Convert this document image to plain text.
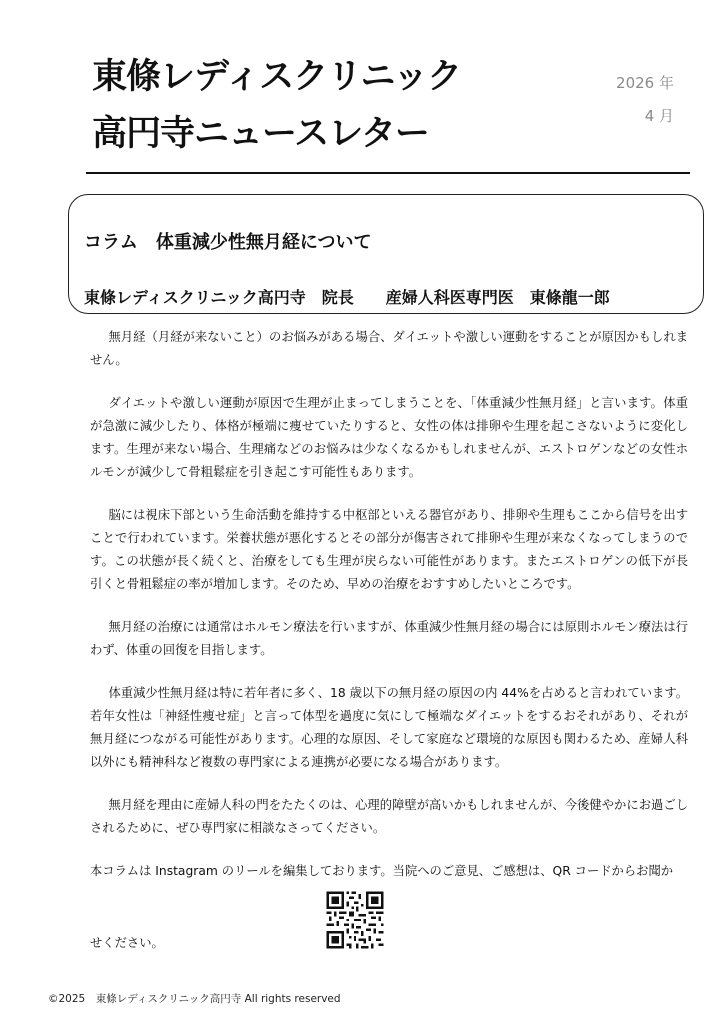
東條レディスクリニック
高円寺ニュースレター
2026 年
4 月
コラム　体重減少性無月経について
東條レディスクリニック高円寺　院長　　産婦人科医専門医　東條龍一郎

無月経（月経が来ないこと）のお悩みがある場合、ダイエットや激しい運動をすることが原因かもしれません。

ダイエットや激しい運動が原因で生理が止まってしまうことを、「体重減少性無月経」と言います。体重が急激に減少したり、体格が極端に痩せていたりすると、女性の体は排卵や生理を起こさないように変化します。生理が来ない場合、生理痛などのお悩みは少なくなるかもしれませんが、エストロゲンなどの女性ホルモンが減少して骨粗鬆症を引き起こす可能性もあります。

脳には視床下部という生命活動を維持する中枢部といえる器官があり、排卵や生理もここから信号を出すことで行われています。栄養状態が悪化するとその部分が傷害されて排卵や生理が来なくなってしまうのです。この状態が長く続くと、治療をしても生理が戻らない可能性があります。またエストロゲンの低下が長引くと骨粗鬆症の率が増加します。そのため、早めの治療をおすすめしたいところです。

無月経の治療には通常はホルモン療法を行いますが、体重減少性無月経の場合には原則ホルモン療法は行わず、体重の回復を目指します。

体重減少性無月経は特に若年者に多く、18 歳以下の無月経の原因の内 44%を占めると言われています。若年女性は「神経性痩せ症」と言って体型を過度に気にして極端なダイエットをするおそれがあり、それが無月経につながる可能性があります。心理的な原因、そして家庭など環境的な原因も関わるため、産婦人科以外にも精神科など複数の専門家による連携が必要になる場合があります。

無月経を理由に産婦人科の門をたたくのは、心理的障壁が高いかもしれませんが、今後健やかにお過ごしされるために、ぜひ専門家に相談なさってください。

本コラムは Instagram のリールを編集しております。当院へのご意見、ご感想は、QR コードからお聞か

せください。
©2025　東條レディスクリニック高円寺 All rights reserved
